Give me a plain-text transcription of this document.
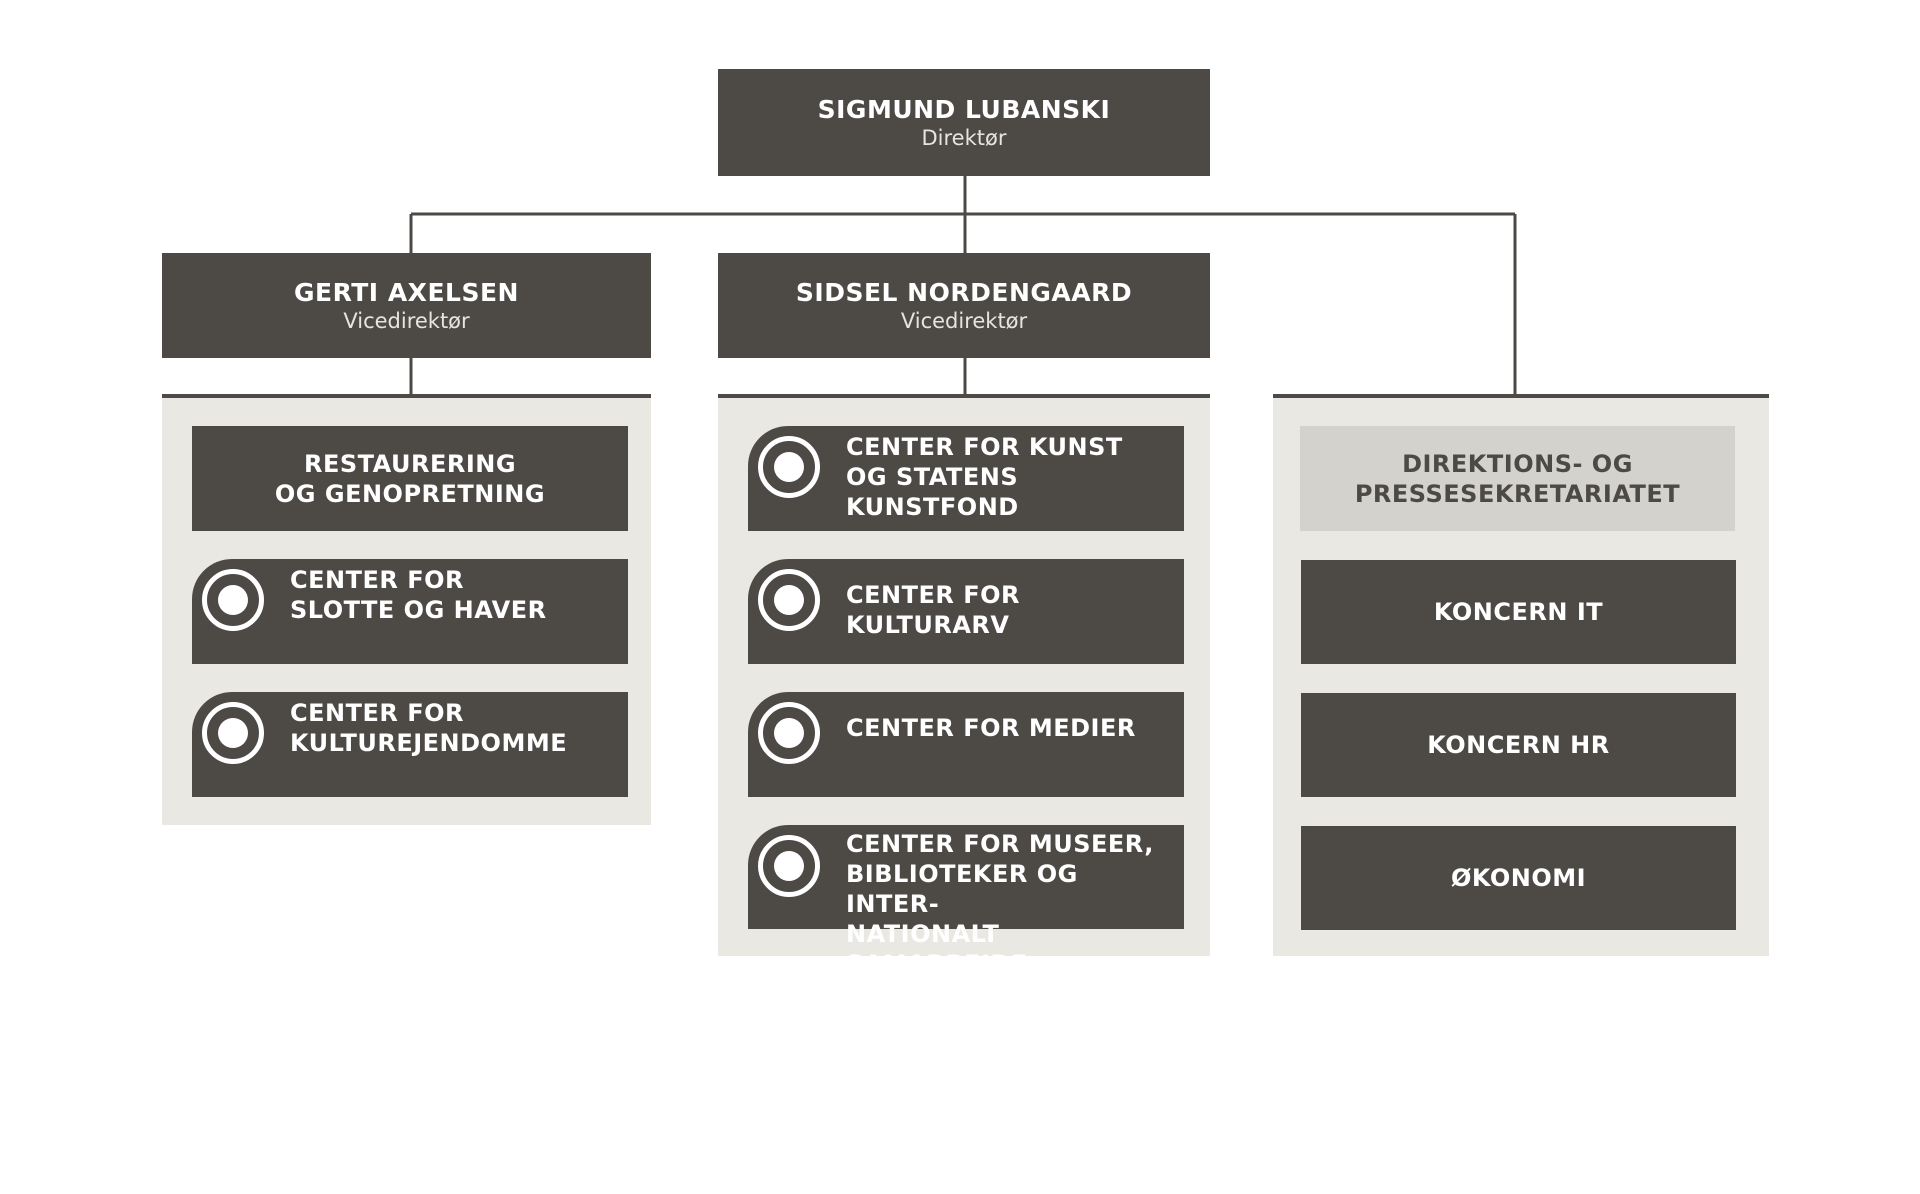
SIGMUND LUBANSKI
Direktør
GERTI AXELSEN
Vicedirektør
SIDSEL NORDENGAARD
Vicedirektør
RESTAURERING
OG GENOPRETNING
CENTER FOR
SLOTTE OG HAVER
CENTER FOR
KULTUREJENDOMME
CENTER FOR KUNST
OG STATENS KUNSTFOND
CENTER FOR KULTURARV
CENTER FOR MEDIER
CENTER FOR MUSEER,
BIBLIOTEKER OG INTER-
NATIONALT SAMARBEJDE
DIREKTIONS- OG
PRESSESEKRETARIATET
KONCERN IT
KONCERN HR
ØKONOMI
